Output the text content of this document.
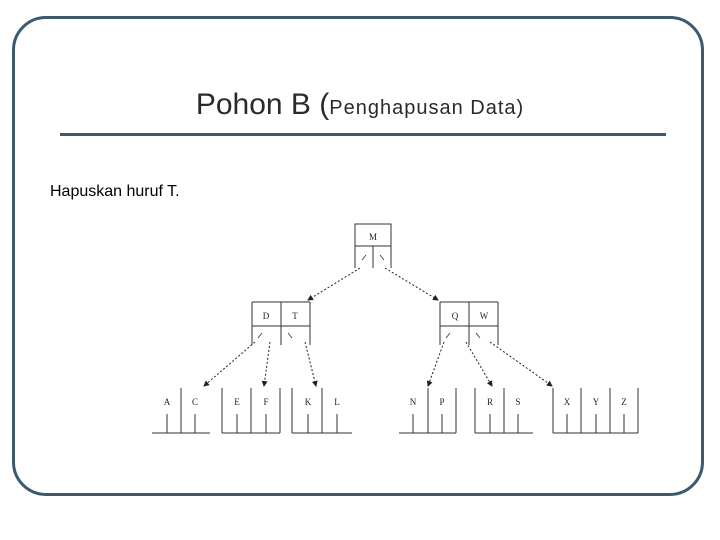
Pohon B (Penghapusan Data)
Hapuskan huruf T.
M
D	T	Q W
A C	E	F	K	L	N	P	R S	X	Y Z
